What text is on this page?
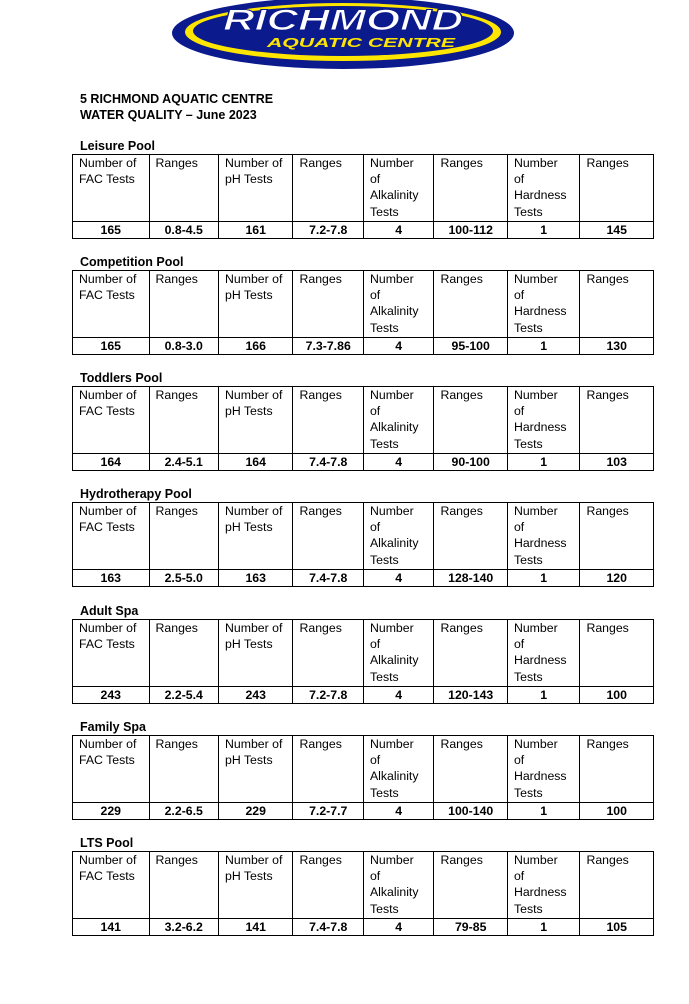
RICHMOND
AQUATIC CENTRE
5 RICHMOND AQUATIC CENTRE
WATER QUALITY – June 2023
Leisure Pool
Number of FAC Tests	Ranges	Number of pH Tests	Ranges	Number of Alkalinity Tests	Ranges	Number of Hardness Tests	Ranges
165	0.8-4.5	161	7.2-7.8	4	100-112	1	145
Competition Pool
Number of FAC Tests	Ranges	Number of pH Tests	Ranges	Number of Alkalinity Tests	Ranges	Number of Hardness Tests	Ranges
165	0.8-3.0	166	7.3-7.86	4	95-100	1	130
Toddlers Pool
Number of FAC Tests	Ranges	Number of pH Tests	Ranges	Number of Alkalinity Tests	Ranges	Number of Hardness Tests	Ranges
164	2.4-5.1	164	7.4-7.8	4	90-100	1	103
Hydrotherapy Pool
Number of FAC Tests	Ranges	Number of pH Tests	Ranges	Number of Alkalinity Tests	Ranges	Number of Hardness Tests	Ranges
163	2.5-5.0	163	7.4-7.8	4	128-140	1	120
Adult Spa
Number of FAC Tests	Ranges	Number of pH Tests	Ranges	Number of Alkalinity Tests	Ranges	Number of Hardness Tests	Ranges
243	2.2-5.4	243	7.2-7.8	4	120-143	1	100
Family Spa
Number of FAC Tests	Ranges	Number of pH Tests	Ranges	Number of Alkalinity Tests	Ranges	Number of Hardness Tests	Ranges
229	2.2-6.5	229	7.2-7.7	4	100-140	1	100
LTS Pool
Number of FAC Tests	Ranges	Number of pH Tests	Ranges	Number of Alkalinity Tests	Ranges	Number of Hardness Tests	Ranges
141	3.2-6.2	141	7.4-7.8	4	79-85	1	105
